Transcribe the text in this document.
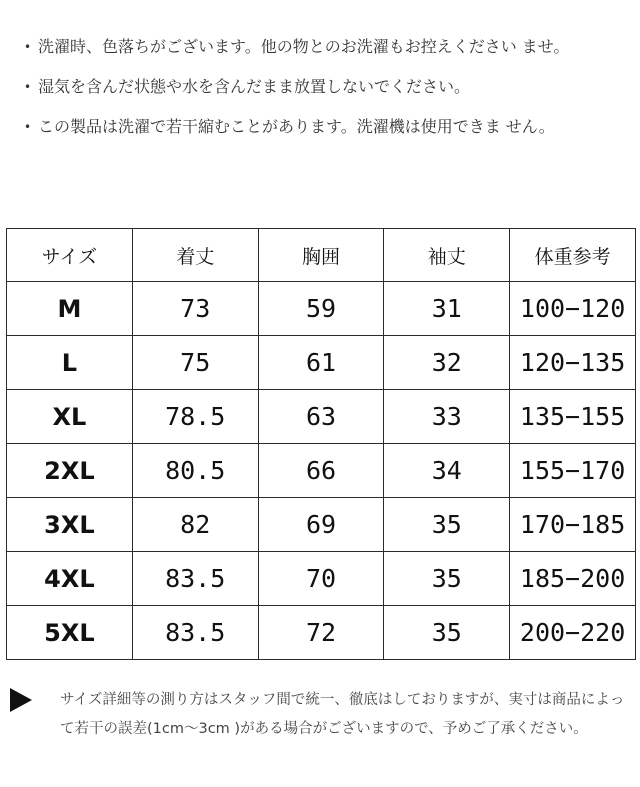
• 洗濯時、色落ちがございます。他の物とのお洗濯もお控えください ませ。
• 湿気を含んだ状態や水を含んだまま放置しないでください。
• この製品は洗濯で若干縮むことがあります。洗濯機は使用できま せん。
サイズ	着丈	胸囲	袖丈	体重参考
M	73	59	31	100−120
L	75	61	32	120−135
XL	78.5	63	33	135−155
2XL	80.5	66	34	155−170
3XL	82	69	35	170−185
4XL	83.5	70	35	185−200
5XL	83.5	72	35	200−220
サイズ詳細等の測り方はスタッフ間で統一、徹底はしておりますが、実寸は商品によって若干の誤差(1cm〜3cm )がある場合がございますので、予めご了承ください。
